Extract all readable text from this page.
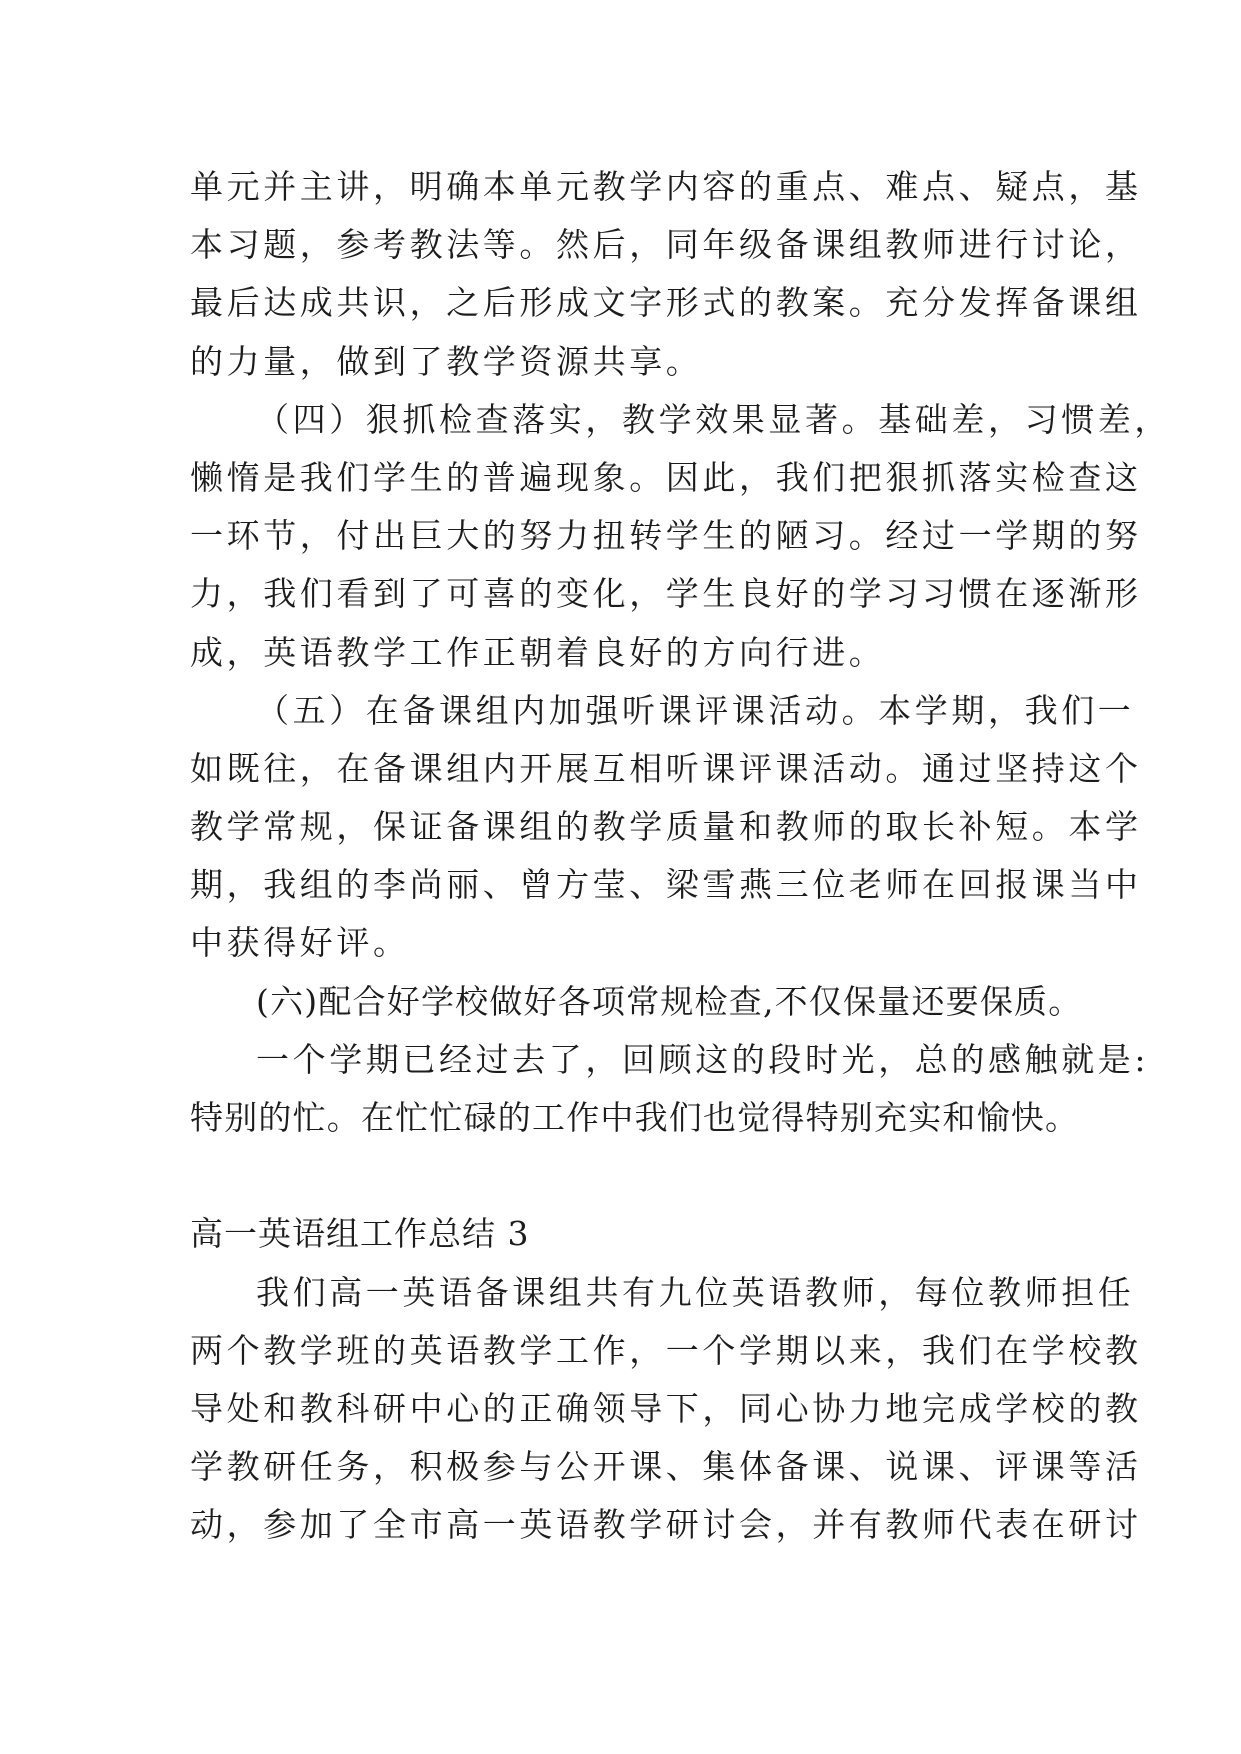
单元并主讲，明确本单元教学内容的重点、难点、疑点，基
本习题，参考教法等。然后，同年级备课组教师进行讨论，
最后达成共识，之后形成文字形式的教案。充分发挥备课组
的力量，做到了教学资源共享。
（四）狠抓检查落实，教学效果显著。基础差，习惯差，
懒惰是我们学生的普遍现象。因此，我们把狠抓落实检查这
一环节，付出巨大的努力扭转学生的陋习。经过一学期的努
力，我们看到了可喜的变化，学生良好的学习习惯在逐渐形
成，英语教学工作正朝着良好的方向行进。
（五）在备课组内加强听课评课活动。本学期，我们一
如既往，在备课组内开展互相听课评课活动。通过坚持这个
教学常规，保证备课组的教学质量和教师的取长补短。本学
期，我组的李尚丽、曾方莹、梁雪燕三位老师在回报课当中
中获得好评。
(六)配合好学校做好各项常规检查,不仅保量还要保质。
一个学期已经过去了，回顾这的段时光，总的感触就是:
特别的忙。在忙忙碌的工作中我们也觉得特别充实和愉快。
高一英语组工作总结 3
我们高一英语备课组共有九位英语教师，每位教师担任
两个教学班的英语教学工作，一个学期以来，我们在学校教
导处和教科研中心的正确领导下，同心协力地完成学校的教
学教研任务，积极参与公开课、集体备课、说课、评课等活
动，参加了全市高一英语教学研讨会，并有教师代表在研讨
